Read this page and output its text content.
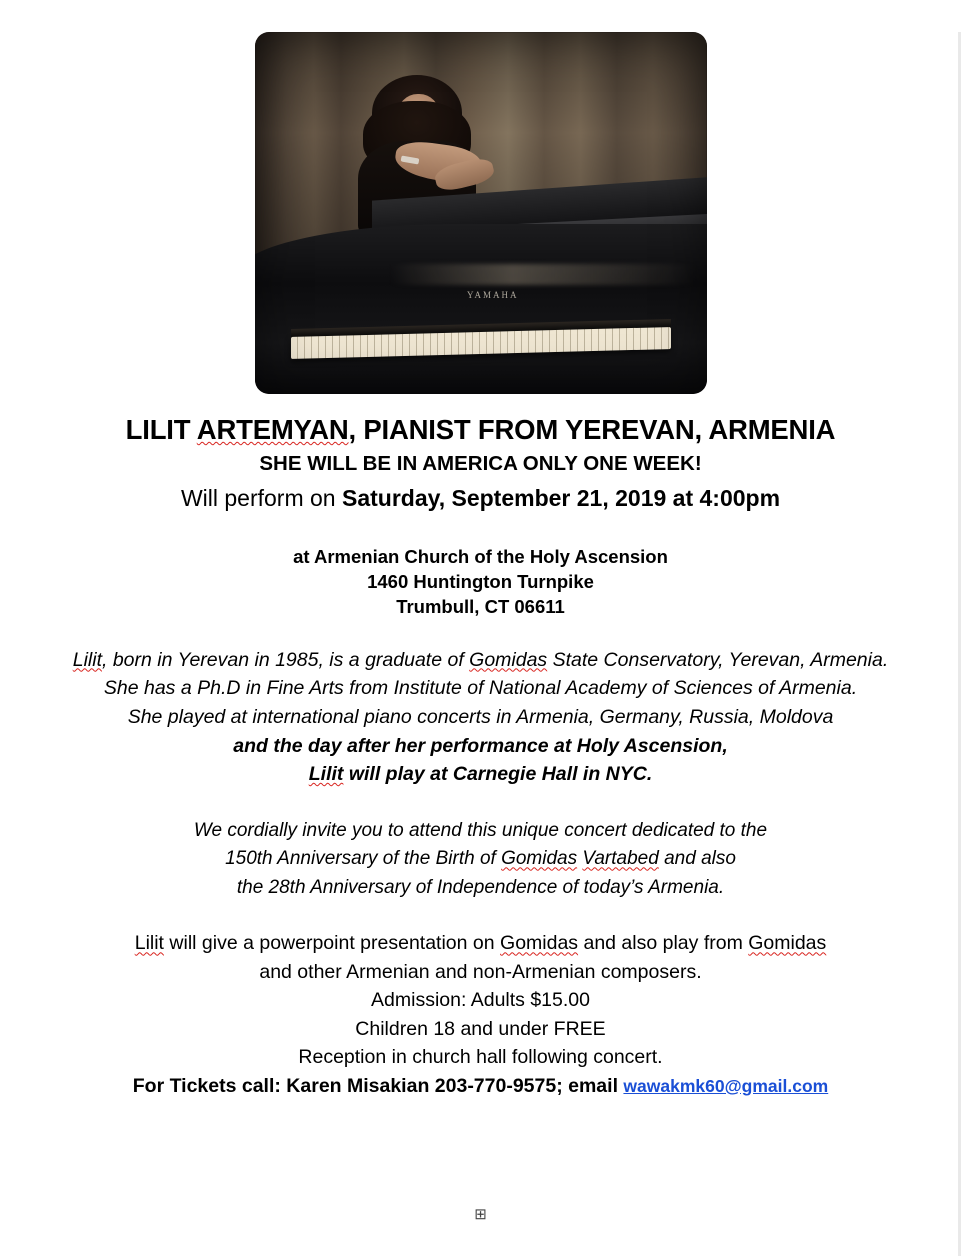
YAMAHA
LILIT ARTEMYAN, PIANIST FROM YEREVAN, ARMENIA
SHE WILL BE IN AMERICA ONLY ONE WEEK!
Will perform on Saturday, September 21, 2019 at 4:00pm
at Armenian Church of the Holy Ascension
1460 Huntington Turnpike
Trumbull, CT 06611
Lilit, born in Yerevan in 1985, is a graduate of Gomidas State Conservatory, Yerevan, Armenia.
She has a Ph.D in Fine Arts from Institute of National Academy of Sciences of Armenia.
She played at international piano concerts in Armenia, Germany, Russia, Moldova
and the day after her performance at Holy Ascension,
Lilit will play at Carnegie Hall in NYC.
We cordially invite you to attend this unique concert dedicated to the
150th Anniversary of the Birth of Gomidas Vartabed and also
the 28th Anniversary of Independence of today’s Armenia.
Lilit will give a powerpoint presentation on Gomidas and also play from Gomidas
and other Armenian and non-Armenian composers.
Admission: Adults $15.00
Children 18 and under FREE
Reception in church hall following concert.
For Tickets call: Karen Misakian 203-770-9575; email wawakmk60@gmail.com
⊞
